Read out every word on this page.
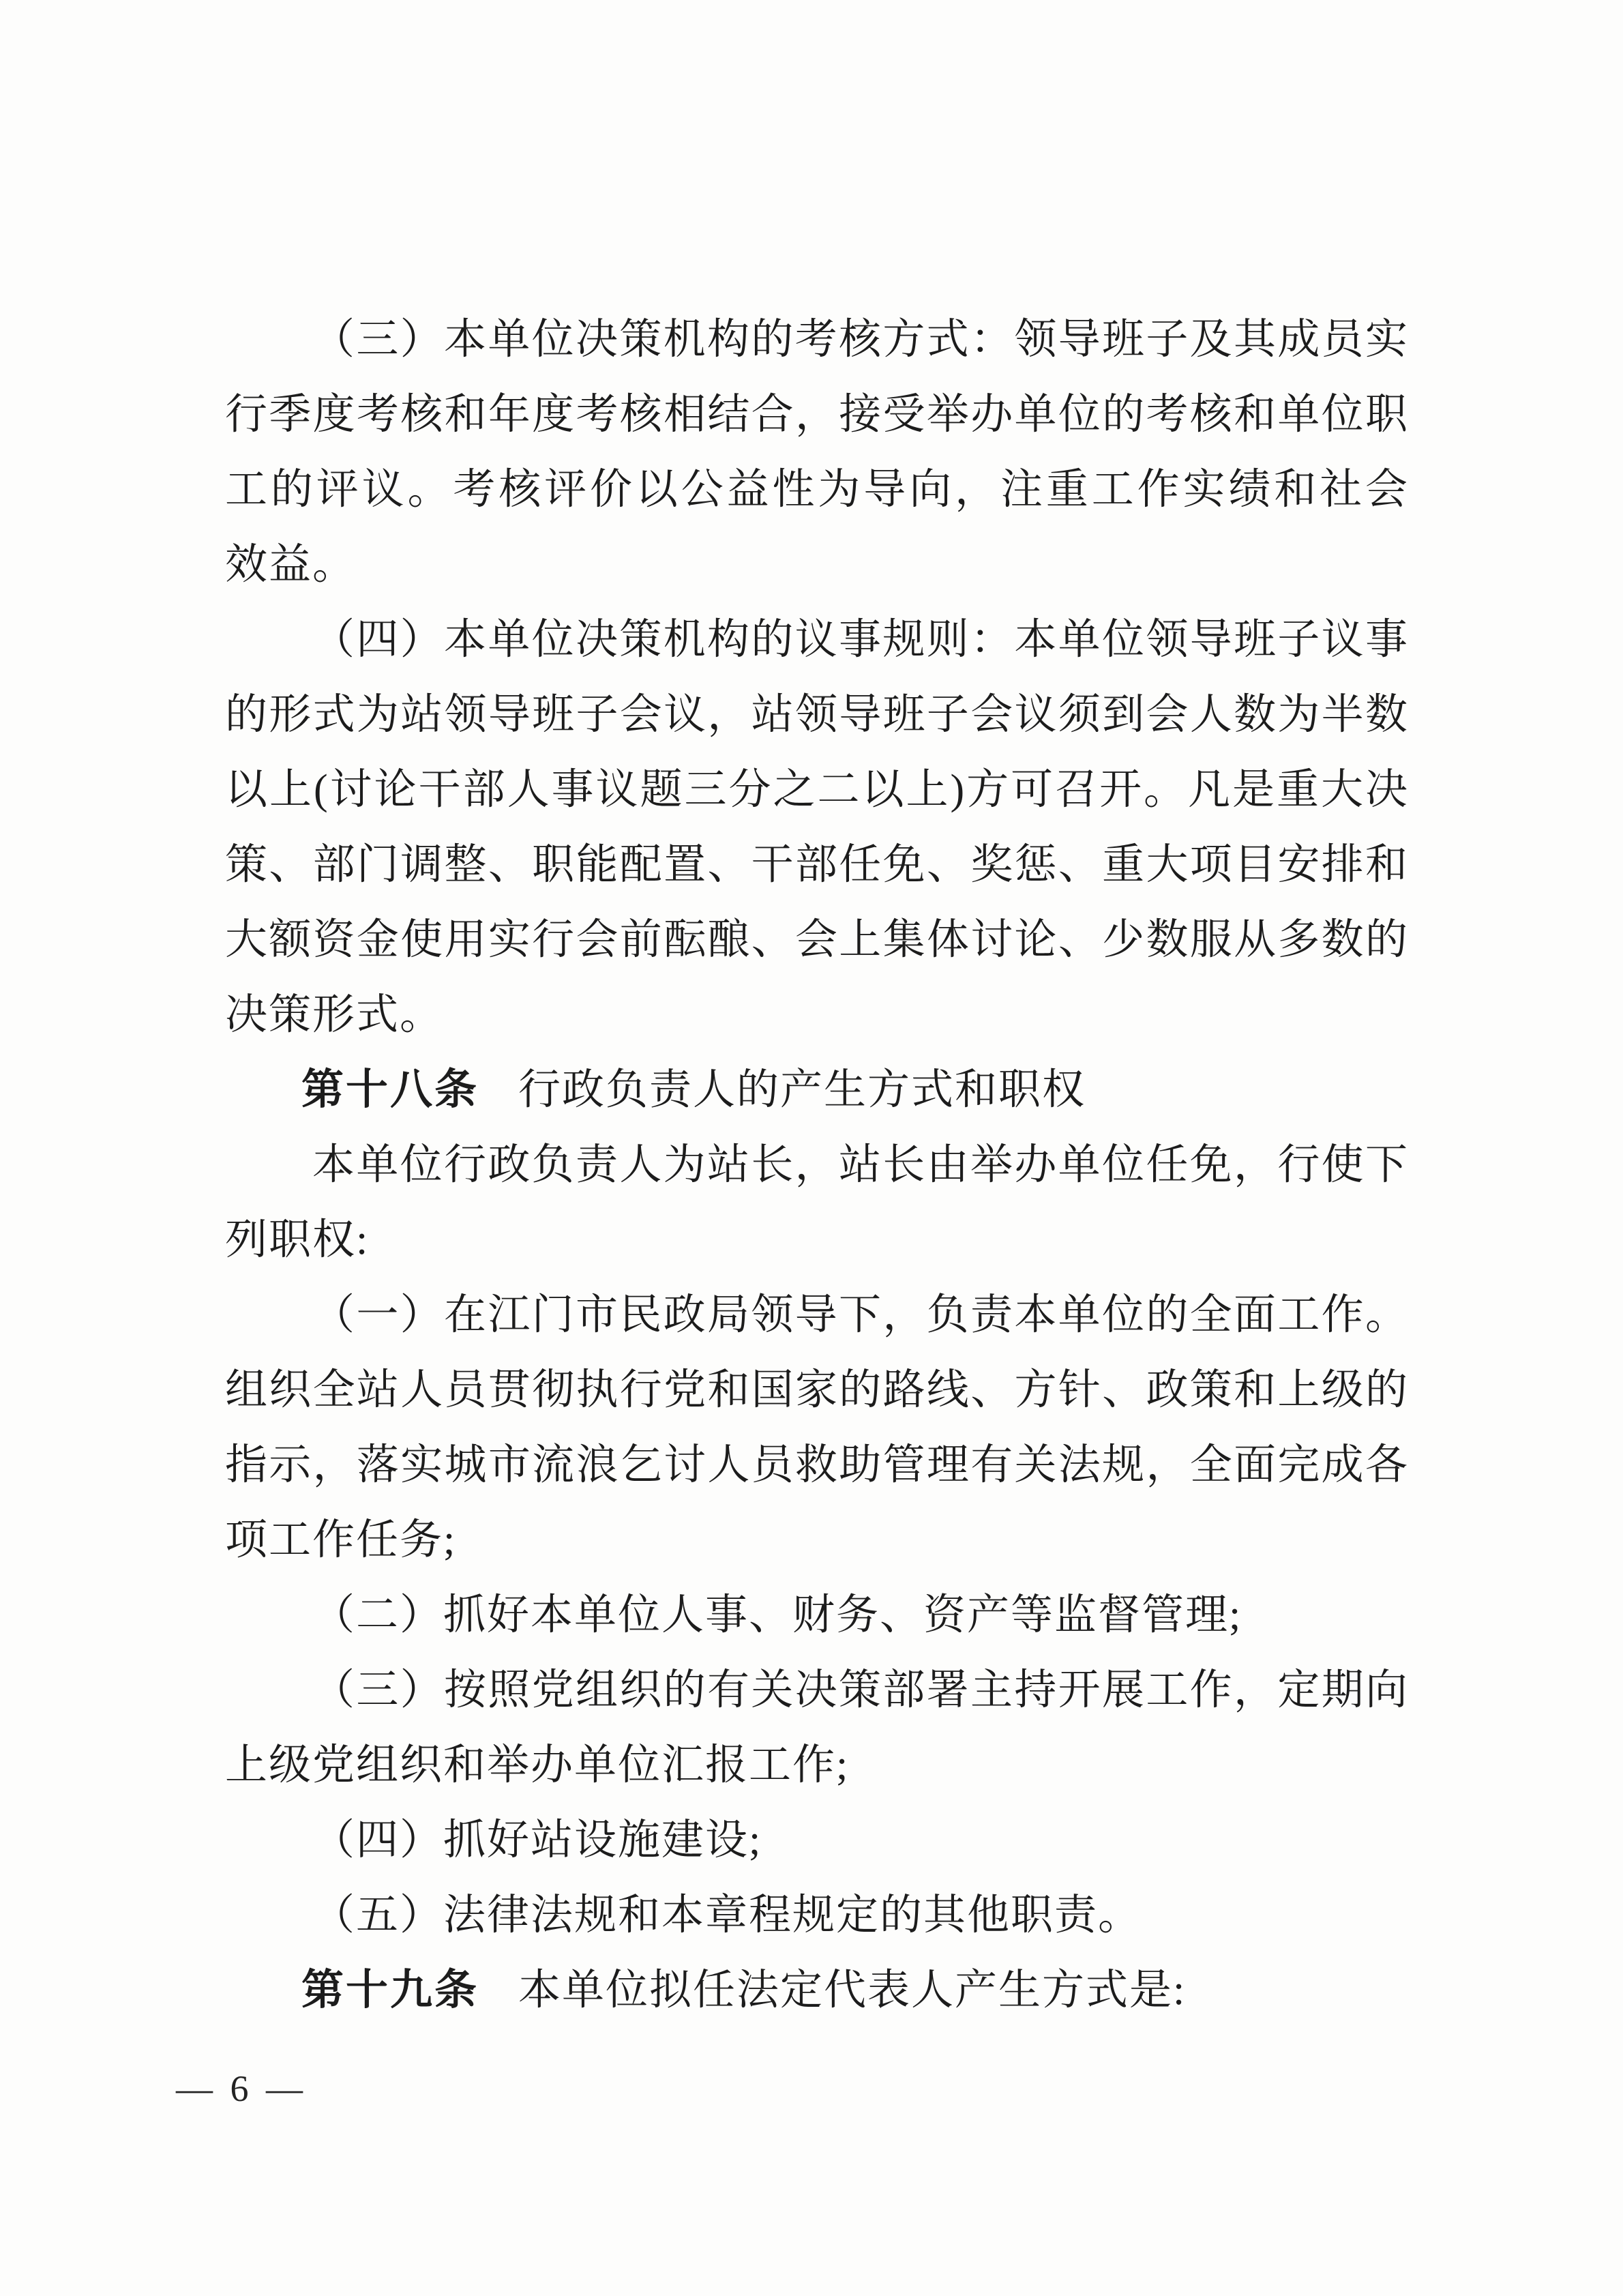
（三）本单位决策机构的考核方式：领导班子及其成员实
行季度考核和年度考核相结合，接受举办单位的考核和单位职
工的评议。考核评价以公益性为导向，注重工作实绩和社会
效益。
（四）本单位决策机构的议事规则：本单位领导班子议事
的形式为站领导班子会议，站领导班子会议须到会人数为半数
以上(讨论干部人事议题三分之二以上)方可召开。凡是重大决
策、部门调整、职能配置、干部任免、奖惩、重大项目安排和
大额资金使用实行会前酝酿、会上集体讨论、少数服从多数的
决策形式。
第十八条 行政负责人的产生方式和职权
本单位行政负责人为站长，站长由举办单位任免，行使下
列职权:
（一）在江门市民政局领导下，负责本单位的全面工作。
组织全站人员贯彻执行党和国家的路线、方针、政策和上级的
指示，落实城市流浪乞讨人员救助管理有关法规，全面完成各
项工作任务;
（二）抓好本单位人事、财务、资产等监督管理;
（三）按照党组织的有关决策部署主持开展工作，定期向
上级党组织和举办单位汇报工作;
（四）抓好站设施建设;
（五）法律法规和本章程规定的其他职责。
第十九条 本单位拟任法定代表人产生方式是:
— 6 —
